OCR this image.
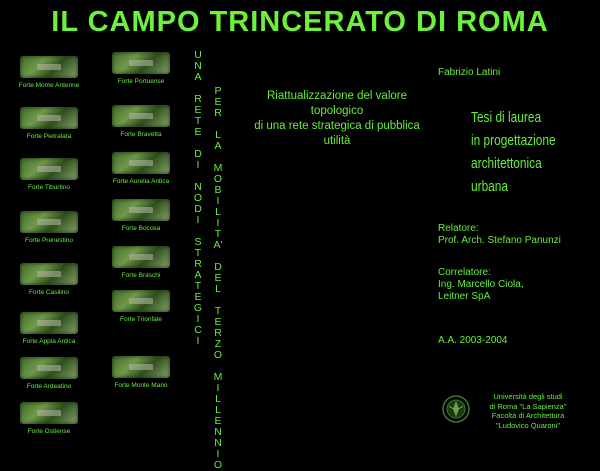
IL CAMPO TRINCERATO DI ROMA
Forte Monte Antenne
Forte Pietralata
Forte Tiburtino
Forte Prenestino
Forte Casilino
Forte Appia Antica
Forte Ardeatino
Forte Ostiense
Forte Portuense
Forte Bravetta
Forte Aurelia Antica
Forte Boccea
Forte Braschi
Forte Trionfale
Forte Monte Mario
U
N
A
R
E
T
E
D
I
N
O
D
I
S
T
R
A
T
E
G
I
C
I
P
E
R
L
A
M
O
B
I
L
I
T
A'
D
E
L
T
E
R
Z
O
M
I
L
L
E
N
N
I
O
Riattualizzazione del valore topologico
di una rete strategica di pubblica utilità
Fabrizio Latini
Tesi di laurea
in progettazione
architettonica
urbana
Relatore:
Prof. Arch. Stefano Panunzi
Correlatore:
Ing. Marcello Ciola,
Leitner SpA
A.A. 2003-2004
Università degli studi
di Roma "La Sapienza"
Facoltà di Architettura
"Ludovico Quaroni"
